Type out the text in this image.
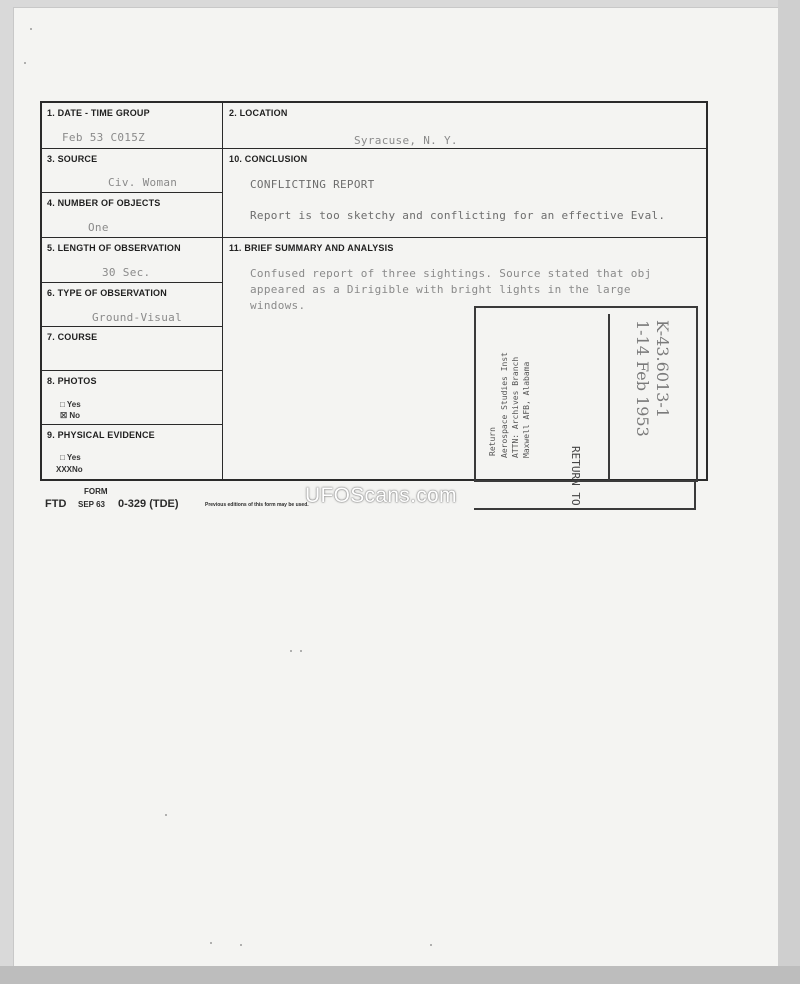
1. DATE - TIME GROUP
Feb 53 C015Z
2. LOCATION
Syracuse, N. Y.
3. SOURCE
Civ. Woman
4. NUMBER OF OBJECTS
One
5. LENGTH OF OBSERVATION
30 Sec.
6. TYPE OF OBSERVATION
Ground-Visual
7. COURSE
8. PHOTOS
□ Yes
☒ No
9. PHYSICAL EVIDENCE
□ Yes
XXXNo
10. CONCLUSION
CONFLICTING REPORT
Report is too sketchy and conflicting for an effective Eval.
11. BRIEF SUMMARY AND ANALYSIS
Confused report of three sightings. Source stated that obj
appeared as a Dirigible with bright lights in the large
windows.
Return Aerospace Studies Inst ATTN: Archives Branch Maxwell AFB, Alabama
RETURN TO
K-43.6013-1
1-14 Feb 1953
FORM
FTD SEP 63 0-329 (TDE)	Previous editions of this form may be used.
UFOScans.com
